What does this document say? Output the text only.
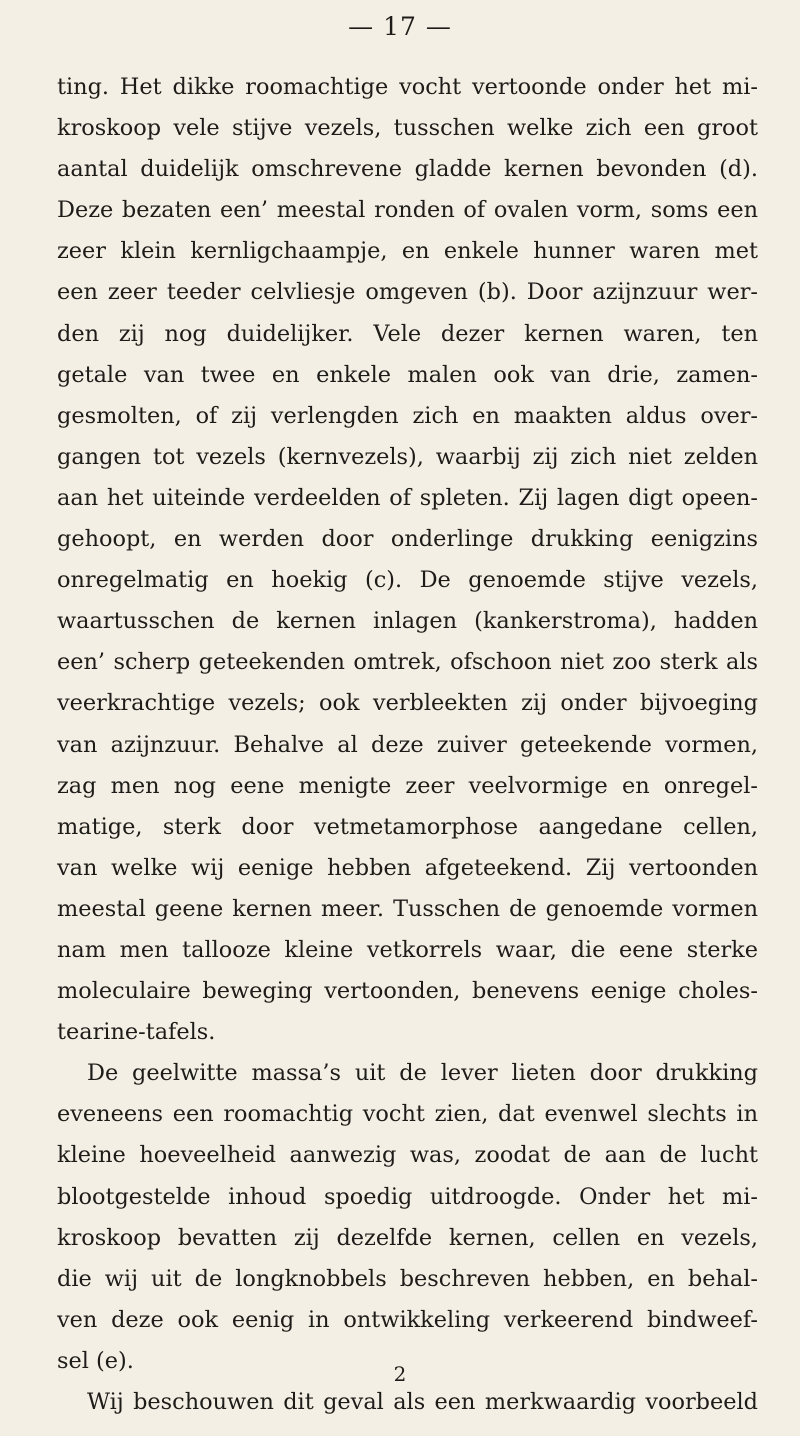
— 17 —
ting. Het dikke roomachtige vocht vertoonde onder het mi-
kroskoop vele stijve vezels, tusschen welke zich een groot
aantal duidelijk omschrevene gladde kernen bevonden (d).
Deze bezaten een’ meestal ronden of ovalen vorm, soms een
zeer klein kernligchaampje, en enkele hunner waren met
een zeer teeder celvliesje omgeven (b). Door azijnzuur wer-
den zij nog duidelijker. Vele dezer kernen waren, ten
getale van twee en enkele malen ook van drie, zamen-
gesmolten, of zij verlengden zich en maakten aldus over-
gangen tot vezels (kernvezels), waarbij zij zich niet zelden
aan het uiteinde verdeelden of spleten. Zij lagen digt opeen-
gehoopt, en werden door onderlinge drukking eenigzins
onregelmatig en hoekig (c). De genoemde stijve vezels,
waartusschen de kernen inlagen (kankerstroma), hadden
een’ scherp geteekenden omtrek, ofschoon niet zoo sterk als
veerkrachtige vezels; ook verbleekten zij onder bijvoeging
van azijnzuur. Behalve al deze zuiver geteekende vormen,
zag men nog eene menigte zeer veelvormige en onregel-
matige, sterk door vetmetamorphose aangedane cellen,
van welke wij eenige hebben afgeteekend. Zij vertoonden
meestal geene kernen meer. Tusschen de genoemde vormen
nam men tallooze kleine vetkorrels waar, die eene sterke
moleculaire beweging vertoonden, benevens eenige choles-
tearine-tafels.
De geelwitte massa’s uit de lever lieten door drukking
eveneens een roomachtig vocht zien, dat evenwel slechts in
kleine hoeveelheid aanwezig was, zoodat de aan de lucht
blootgestelde inhoud spoedig uitdroogde. Onder het mi-
kroskoop bevatten zij dezelfde kernen, cellen en vezels,
die wij uit de longknobbels beschreven hebben, en behal-
ven deze ook eenig in ontwikkeling verkeerend bindweef-
sel (e).
Wij beschouwen dit geval als een merkwaardig voorbeeld
2
